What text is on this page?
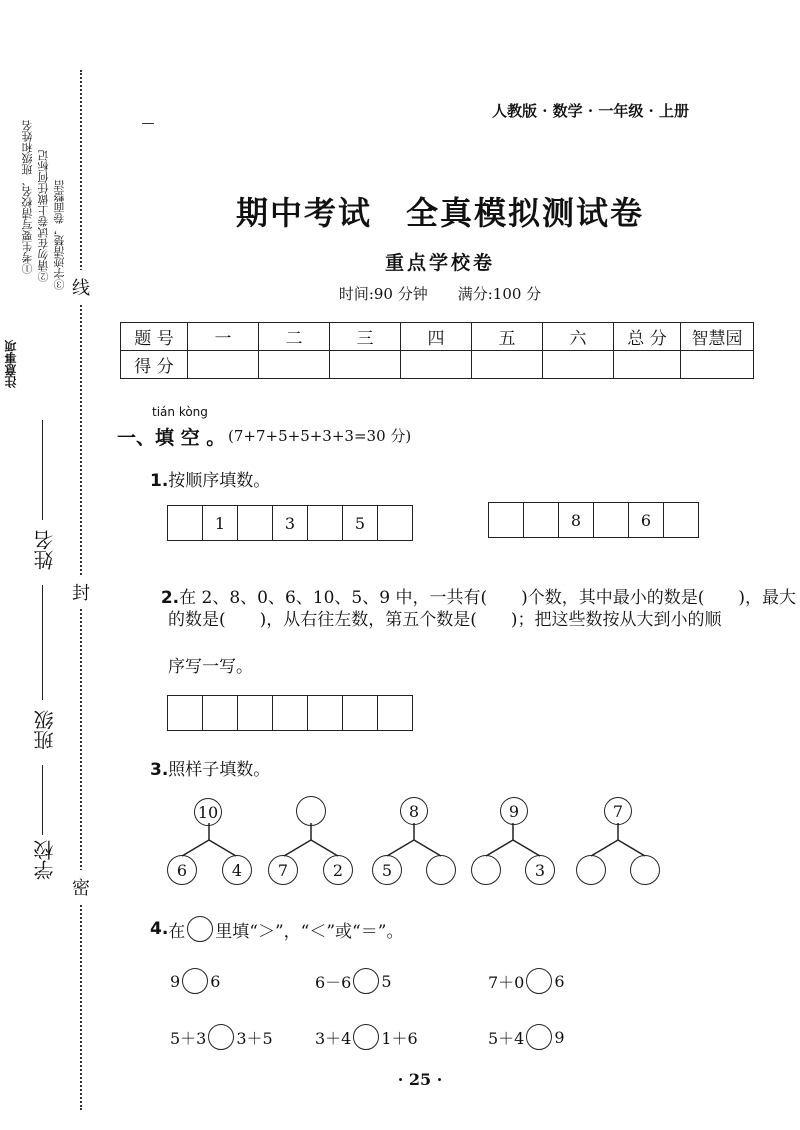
线
封
密
注意事项
①考生要写清校名、班级和姓名 ②请勿在试卷上做任何标记 ③字迹清楚，卷面整洁
姓名
班级
学校
人教版 · 数学 · 一年级 · 上册
期中考试　全真模拟测试卷
重点学校卷
时间:90 分钟　　满分:100 分
题 号	一	二	三	四	五	六	总 分	智慧园
得 分								
tián kòng
一、填 空 。 (7+7+5+5+3+3=30 分)
1.按顺序填数。
1	3	5	8	6

2.在 2、8、0、6、10、5、9 中，一共有(　　)个数，其中最小的数是(　　)，最大

的数是(　　)，从右往左数，第五个数是(　　)；把这些数按从大到小的顺
序写一写。
3.照样子填数。
10
6	4	7	2
8
5
9
3
7
4. 在 里填“＞”，“＜”或“＝”。
9 6	6－6 5	7＋0 6
5＋3 3＋5	3＋4 1＋6	5＋4 9
· 25 ·
